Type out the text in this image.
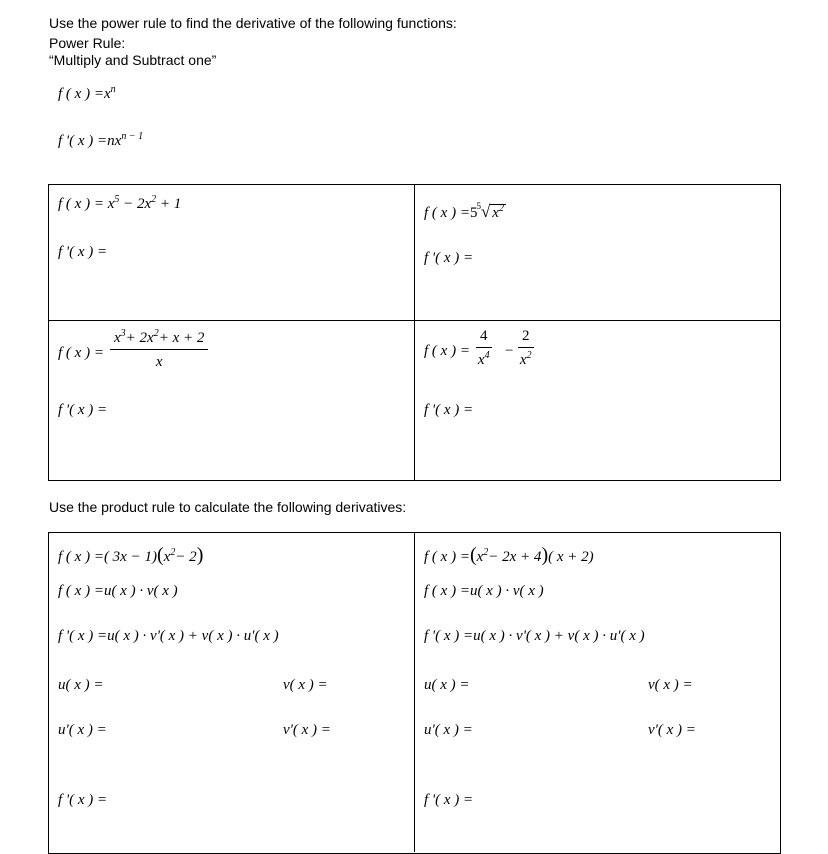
Use the power rule to find the derivative of the following functions:
Power Rule:
“Multiply and Subtract one”
f ( x ) $=x^n$
f '( x ) $=nx^{n - 1}$
f ( x ) = $x^5 - 2x^2 + 1$
f '( x ) =
f ( x ) $=5^5√$ $x^2$
f '( x ) =
f ( x ) = $\frac{x^3+ 2x^2+ x + 2}{x}$
f '( x ) =
f ( x ) = $\frac{4}{x^4} - \frac{2}{x^2}$
f '( x ) =
Use the product rule to calculate the following derivatives:
f ( x ) =( $3x - 1)(x^2- 2)$
f ( x ) =u( x ) · v( x )
f '( x ) =u( x ) · v'( x ) + v( x ) · u'( x )
u( x ) =	v( x ) =
u'( x ) =	v'( x ) =
f '( x ) =
f ( x ) $=(x^2- 2x + 4)$( x + 2)
f ( x ) =u( x ) · v( x )
f '( x ) =u( x ) · v'( x ) + v( x ) · u'( x )
u( x ) =	v( x ) =
u'( x ) =	v'( x ) =
f '( x ) =
